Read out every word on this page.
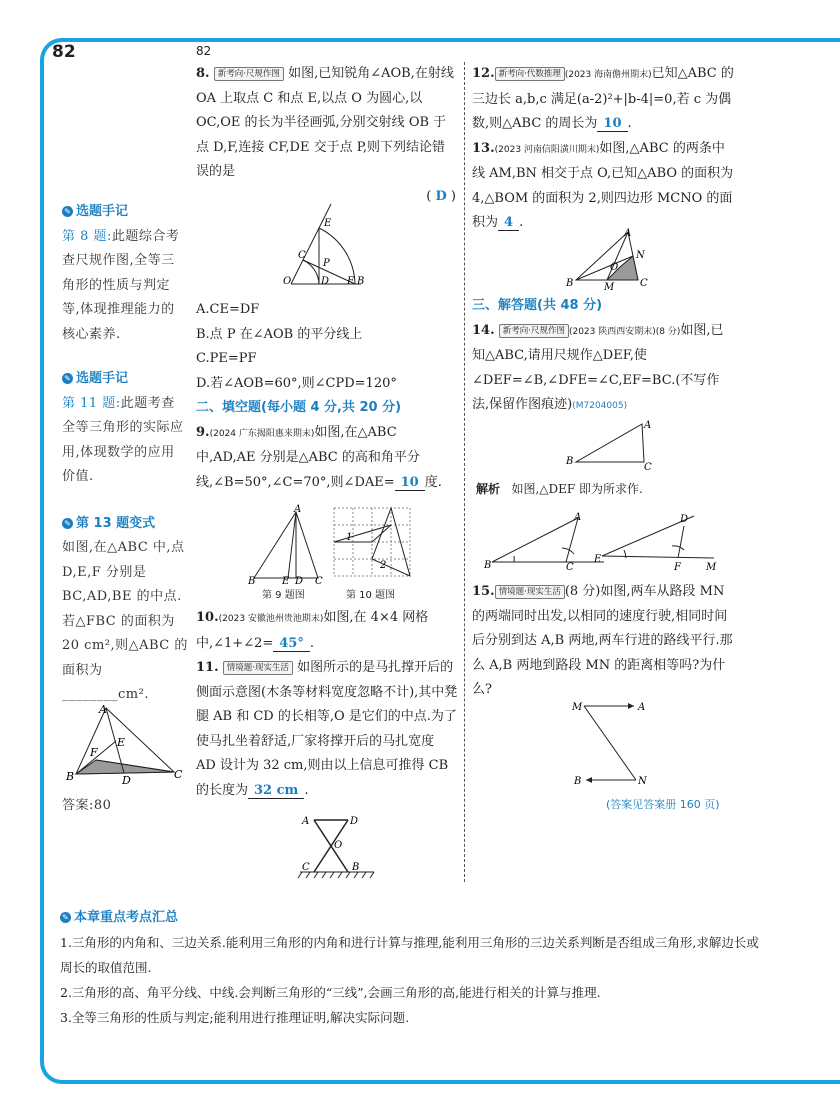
82	82
✎ 选题手记
第 8 题:此题综合考查尺规作图,全等三角形的性质与判定等,体现推理能力的核心素养.
✎ 选题手记
第 11 题:此题考查全等三角形的实际应用,体现数学的应用价值.
✎ 第 13 题变式
如图,在△ABC 中,点 D,E,F 分别是 BC,AD,BE 的中点.若△FBC 的面积为 20 cm²,则△ABC 的面积为________cm².
A
B	C
D
E
F
答案:80
8. 新考向·尺规作图 如图,已知锐角∠AOB,在射线 OA 上取点 C 和点 E,以点 O 为圆心,以 OC,OE 的长为半径画弧,分别交射线 OB 于点 D,F,连接 CF,DE 交于点 P,则下列结论错误的是
( D )
E
C
P
O	D F B
A.CE=DF
B.点 P 在∠AOB 的平分线上
C.PE=PF
D.若∠AOB=60°,则∠CPD=120°
二、填空题(每小题 4 分,共 20 分)
9.(2024 广东揭阳惠来期末)如图,在△ABC 中,AD,AE 分别是△ABC 的高和角平分线,∠B=50°,∠C=70°,则∠DAE= 10 度.
A
B	E D C
1
2
第 9 题图	第 10 题图
10.(2023 安徽池州贵池期末)如图,在 4×4 网格中,∠1+∠2= 45° .
11. 情境题·现实生活 如图所示的是马扎撑开后的侧面示意图(木条等材料宽度忽略不计),其中凳腿 AB 和 CD 的长相等,O 是它们的中点.为了使马扎坐着舒适,厂家将撑开后的马扎宽度 AD 设计为 32 cm,则由以上信息可推得 CB 的长度为 32 cm .
A	D
O
C	B
12. 新考向·代数推理 (2023 海南儋州期末)已知△ABC 的三边长 a,b,c 满足(a-2)²+|b-4|=0,若 c 为偶数,则△ABC 的周长为 10 .
13.(2023 河南信阳潢川期末)如图,△ABC 的两条中线 AM,BN 相交于点 O,已知△ABO 的面积为 4,△BOM 的面积为 2,则四边形 MCNO 的面积为 4 .
A
B	C
M
N
O
三、解答题(共 48 分)
14. 新考向·尺规作图 (2023 陕西西安期末)(8 分)如图,已知△ABC,请用尺规作△DEF,使∠DEF=∠B,∠DFE=∠C,EF=BC.(不写作法,保留作图痕迹)(M7204005)
A
B
C
解析 如图,△DEF 即为所求作.
A
B	C
D
E
F	M
15. 情境题·现实生活 (8 分)如图,两车从路段 MN 的两端同时出发,以相同的速度行驶,相同时间后分别到达 A,B 两地,两车行进的路线平行.那么 A,B 两地到路段 MN 的距离相等吗?为什么?
M	A
B	N
(答案见答案册 160 页)
✎ 本章重点考点汇总
1.三角形的内角和、三边关系.能利用三角形的内角和进行计算与推理,能利用三角形的三边关系判断是否组成三角形,求解边长或周长的取值范围.
2.三角形的高、角平分线、中线.会判断三角形的“三线”,会画三角形的高,能进行相关的计算与推理.
3.全等三角形的性质与判定;能利用进行推理证明,解决实际问题.
